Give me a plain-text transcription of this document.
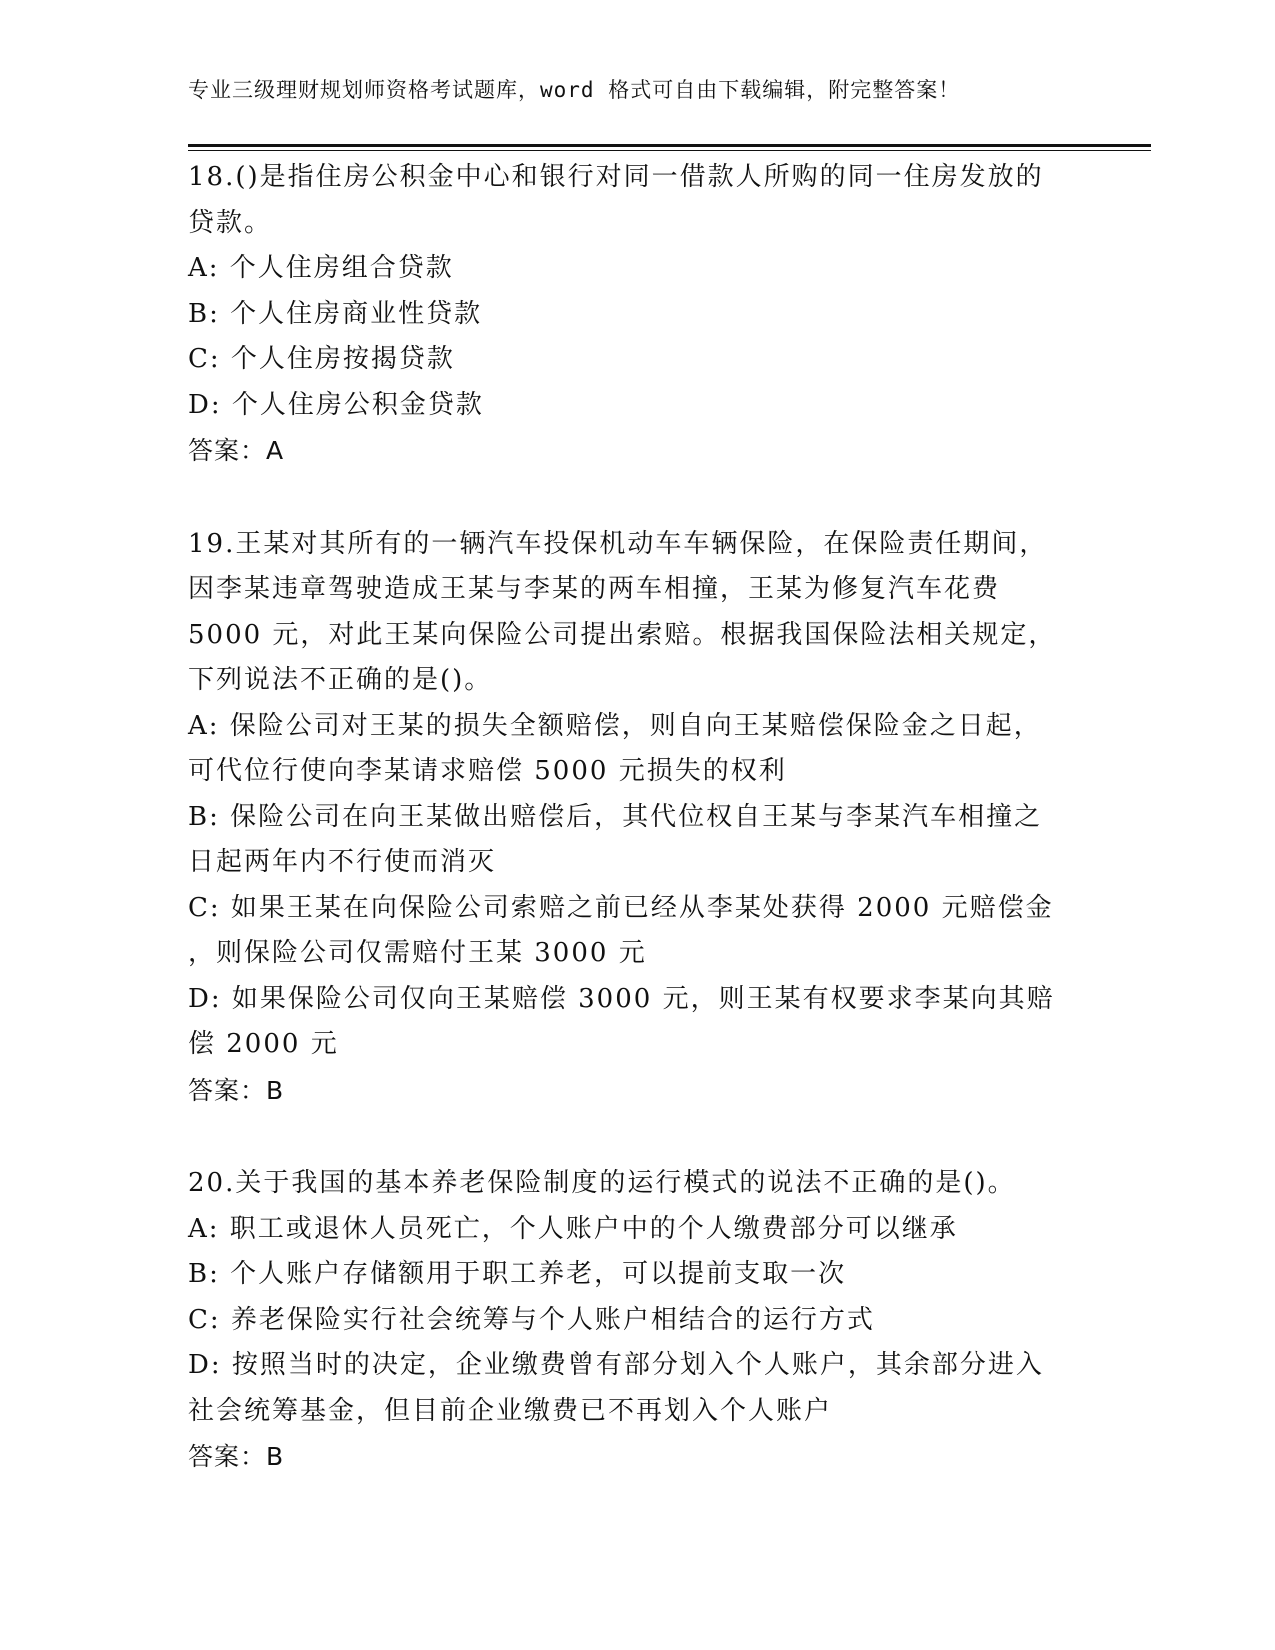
专业三级理财规划师资格考试题库，word 格式可自由下载编辑，附完整答案！

18.()是指住房公积金中心和银行对同一借款人所购的同一住房发放的

贷款。

A: 个人住房组合贷款

B: 个人住房商业性贷款

C: 个人住房按揭贷款

D: 个人住房公积金贷款

答案：A

19.王某对其所有的一辆汽车投保机动车车辆保险，在保险责任期间，

因李某违章驾驶造成王某与李某的两车相撞，王某为修复汽车花费

5000 元，对此王某向保险公司提出索赔。根据我国保险法相关规定，

下列说法不正确的是()。

A: 保险公司对王某的损失全额赔偿，则自向王某赔偿保险金之日起，

可代位行使向李某请求赔偿 5000 元损失的权利

B: 保险公司在向王某做出赔偿后，其代位权自王某与李某汽车相撞之

日起两年内不行使而消灭

C: 如果王某在向保险公司索赔之前已经从李某处获得 2000 元赔偿金

，则保险公司仅需赔付王某 3000 元

D: 如果保险公司仅向王某赔偿 3000 元，则王某有权要求李某向其赔

偿 2000 元

答案：B

20.关于我国的基本养老保险制度的运行模式的说法不正确的是()。

A: 职工或退休人员死亡，个人账户中的个人缴费部分可以继承

B: 个人账户存储额用于职工养老，可以提前支取一次

C: 养老保险实行社会统筹与个人账户相结合的运行方式

D: 按照当时的决定，企业缴费曾有部分划入个人账户，其余部分进入

社会统筹基金，但目前企业缴费已不再划入个人账户

答案：B
